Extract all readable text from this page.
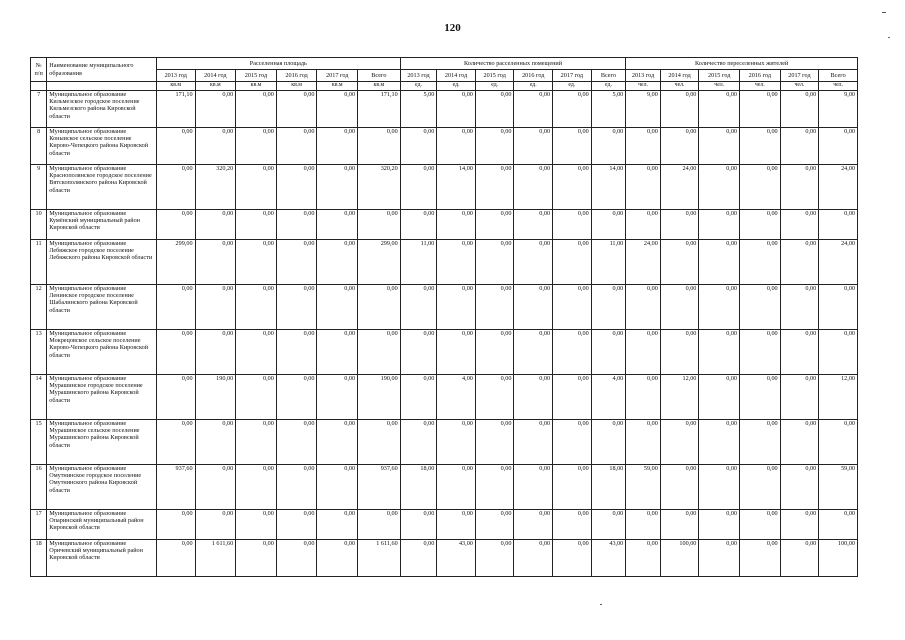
120
№ п/п	Наименование муниципального образования	Расселенная площадь						Количество расселенных помещений						Количество переселенных жителей					
		2013 год	2014 год	2015 год	2016 год	2017 год	Всего	2013 год	2014 год	2015 год	2016 год	2017 год	Всего	2013 год	2014 год	2015 год	2016 год	2017 год	Всего
		кв.м	кв.м	кв.м	кв.м	кв.м	кв.м	ед.	ед.	ед.	ед.	ед.	ед.	чел.	чел.	чел.	чел.	чел.	чел.
7	Муниципальное образование Кильмезское городское поселение Кильмезского района Кировской области	171,10	0,00	0,00	0,00	0,00	171,10	5,00	0,00	0,00	0,00	0,00	5,00	9,00	0,00	0,00	0,00	0,00	9,00
8	Муниципальное образование Коныиское сельское поселение Кирово-Чепецкого района Кировской области	0,00	0,00	0,00	0,00	0,00	0,00	0,00	0,00	0,00	0,00	0,00	0,00	0,00	0,00	0,00	0,00	0,00	0,00
9	Муниципальное образование Краснополянское городское поселение Вятскополянского района Кировской области	0,00	320,20	0,00	0,00	0,00	320,20	0,00	14,00	0,00	0,00	0,00	14,00	0,00	24,00	0,00	0,00	0,00	24,00
10	Муниципальное образование Кумёнский муниципальный район Кировской области	0,00	0,00	0,00	0,00	0,00	0,00	0,00	0,00	0,00	0,00	0,00	0,00	0,00	0,00	0,00	0,00	0,00	0,00
11	Муниципальное образование Лебяжское городское поселение Лебяжского района Кировской области	299,00	0,00	0,00	0,00	0,00	299,00	11,00	0,00	0,00	0,00	0,00	11,00	24,00	0,00	0,00	0,00	0,00	24,00
12	Муниципальное образование Ленинское городское поселение Шабалинского района Кировской области	0,00	0,00	0,00	0,00	0,00	0,00	0,00	0,00	0,00	0,00	0,00	0,00	0,00	0,00	0,00	0,00	0,00	0,00
13	Муниципальное образование Мокрецовское сельское поселение Кирово-Чепецкого района Кировской области	0,00	0,00	0,00	0,00	0,00	0,00	0,00	0,00	0,00	0,00	0,00	0,00	0,00	0,00	0,00	0,00	0,00	0,00
14	Муниципальное образование Мурашинское городское поселение Мурашинского района Кировской области	0,00	190,00	0,00	0,00	0,00	190,00	0,00	4,00	0,00	0,00	0,00	4,00	0,00	12,00	0,00	0,00	0,00	12,00
15	Муниципальное образование Мурашинское сельское поселение Мурашинского района Кировской области	0,00	0,00	0,00	0,00	0,00	0,00	0,00	0,00	0,00	0,00	0,00	0,00	0,00	0,00	0,00	0,00	0,00	0,00
16	Муниципальное образование Омутнинское городское поселение Омутнинского района Кировской области	937,60	0,00	0,00	0,00	0,00	937,60	18,00	0,00	0,00	0,00	0,00	18,00	59,00	0,00	0,00	0,00	0,00	59,00
17	Муниципальное образование Опаринский муниципальный район Кировской области	0,00	0,00	0,00	0,00	0,00	0,00	0,00	0,00	0,00	0,00	0,00	0,00	0,00	0,00	0,00	0,00	0,00	0,00
18	Муниципальное образование Оричевский муниципальный район Кировской области	0,00	1 611,60	0,00	0,00	0,00	1 611,60	0,00	43,00	0,00	0,00	0,00	43,00	0,00	100,00	0,00	0,00	0,00	100,00
